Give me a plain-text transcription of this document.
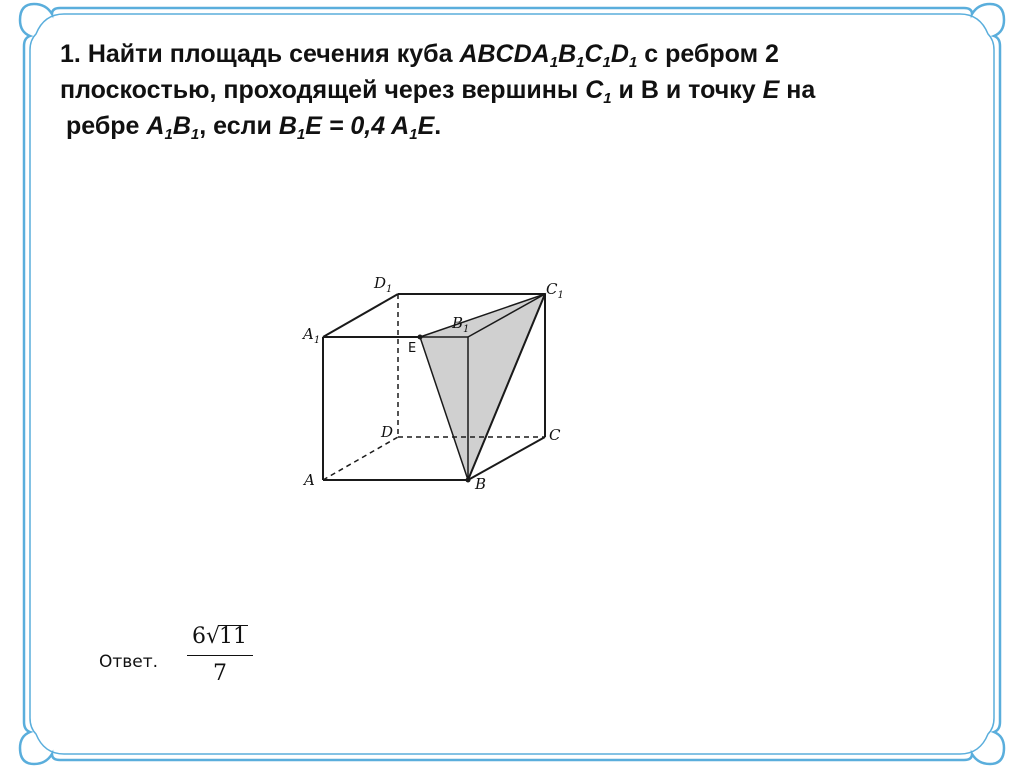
1. Найти площадь сечения куба $ABCDA_1B_1C_1D_1$ с ребром 2
плоскостью, проходящей через вершины $C_1$ и B и точку E на
ребре $A_1B_1$, если $B_1E = 0,4$ $A_1E$.
A	B
C
D
$A_1$
$B_1$
$C_1$
$D_1$
E
Ответ.
6√11
7
